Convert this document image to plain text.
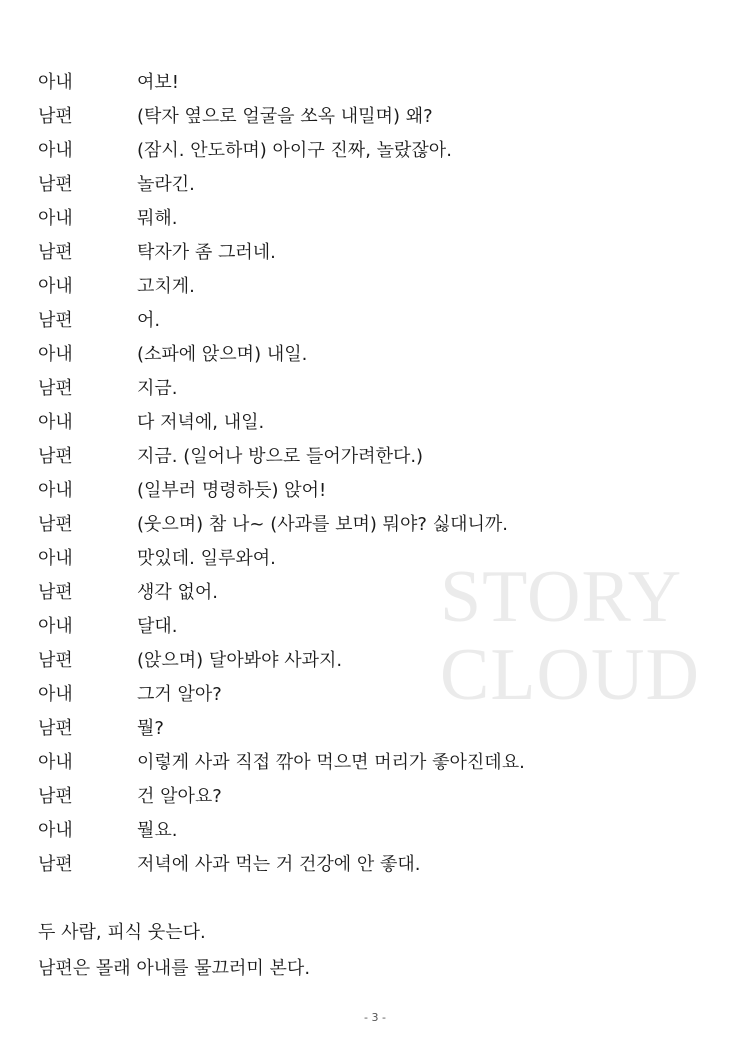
STORY
CLOUD
아내	여보!
남편	(탁자 옆으로 얼굴을 쏘옥 내밀며) 왜?
아내	(잠시. 안도하며) 아이구 진짜, 놀랐잖아.
남편	놀라긴.
아내	뭐해.
남편	탁자가 좀 그러네.
아내	고치게.
남편	어.
아내	(소파에 앉으며) 내일.
남편	지금.
아내	다 저녁에, 내일.
남편	지금. (일어나 방으로 들어가려한다.)
아내	(일부러 명령하듯) 앉어!
남편	(웃으며) 참 나~ (사과를 보며) 뭐야? 싫대니까.
아내	맛있데. 일루와여.
남편	생각 없어.
아내	달대.
남편	(앉으며) 달아봐야 사과지.
아내	그거 알아?
남편	뭘?
아내	이렇게 사과 직접 깎아 먹으면 머리가 좋아진데요.
남편	건 알아요?
아내	뭘요.
남편	저녁에 사과 먹는 거 건강에 안 좋대.
두 사람, 피식 웃는다.
남편은 몰래 아내를 물끄러미 본다.
- 3 -
